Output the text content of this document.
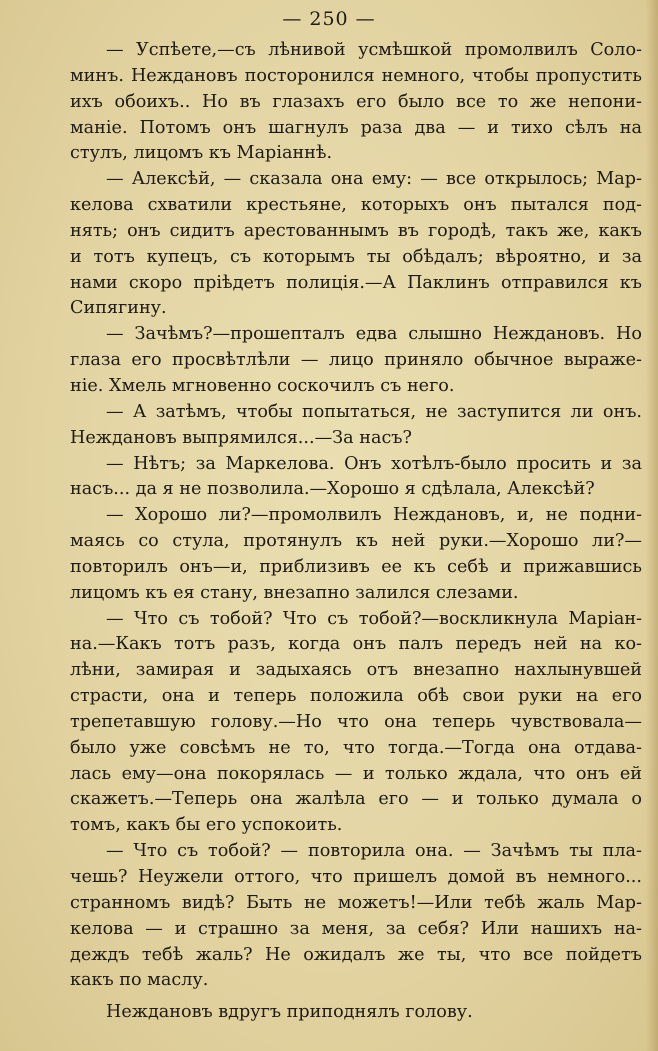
— 250 —
— Успѣете,—съ лѣнивой усмѣшкой промолвилъ Соло-
минъ. Неждановъ посторонился немного, чтобы пропустить
ихъ обоихъ.. Но въ глазахъ его было все то же непони-
маніе. Потомъ онъ шагнулъ раза два — и тихо сѣлъ на
стулъ, лицомъ къ Маріаннѣ.
— Алексѣй, — сказала она ему: — все открылось; Мар-
келова схватили крестьяне, которыхъ онъ пытался под-
нять; онъ сидитъ арестованнымъ въ городѣ, такъ же, какъ
и тотъ купецъ, съ которымъ ты обѣдалъ; вѣроятно, и за
нами скоро пріѣдетъ полиція.—А Паклинъ отправился къ
Сипягину.
— Зачѣмъ?—прошепталъ едва слышно Неждановъ. Но
глаза его просвѣтлѣли — лицо приняло обычное выраже-
ніе. Хмель мгновенно соскочилъ съ него.
— А затѣмъ, чтобы попытаться, не заступится ли онъ.
Неждановъ выпрямился...—За насъ?
— Нѣтъ; за Маркелова. Онъ хотѣлъ-было просить и за
насъ... да я не позволила.—Хорошо я сдѣлала, Алексѣй?
— Хорошо ли?—промолвилъ Неждановъ, и, не подни-
маясь со стула, протянулъ къ ней руки.—Хорошо ли?—
повторилъ онъ—и, приблизивъ ее къ себѣ и прижавшись
лицомъ къ ея стану, внезапно залился слезами.
— Что съ тобой? Что съ тобой?—воскликнула Маріан-
на.—Какъ тотъ разъ, когда онъ палъ передъ ней на ко-
лѣни, замирая и задыхаясь отъ внезапно нахлынувшей
страсти, она и теперь положила обѣ свои руки на его
трепетавшую голову.—Но что она теперь чувствовала—
было уже совсѣмъ не то, что тогда.—Тогда она отдава-
лась ему—она покорялась — и только ждала, что онъ ей
скажетъ.—Теперь она жалѣла его — и только думала о
томъ, какъ бы его успокоить.
— Что съ тобой? — повторила она. — Зачѣмъ ты пла-
чешь? Неужели оттого, что пришелъ домой въ немного...
странномъ видѣ? Быть не можетъ!—Или тебѣ жаль Мар-
келова — и страшно за меня, за себя? Или нашихъ на-
деждъ тебѣ жаль? Не ожидалъ же ты, что все пойдетъ
какъ по маслу.
Неждановъ вдругъ приподнялъ голову.
